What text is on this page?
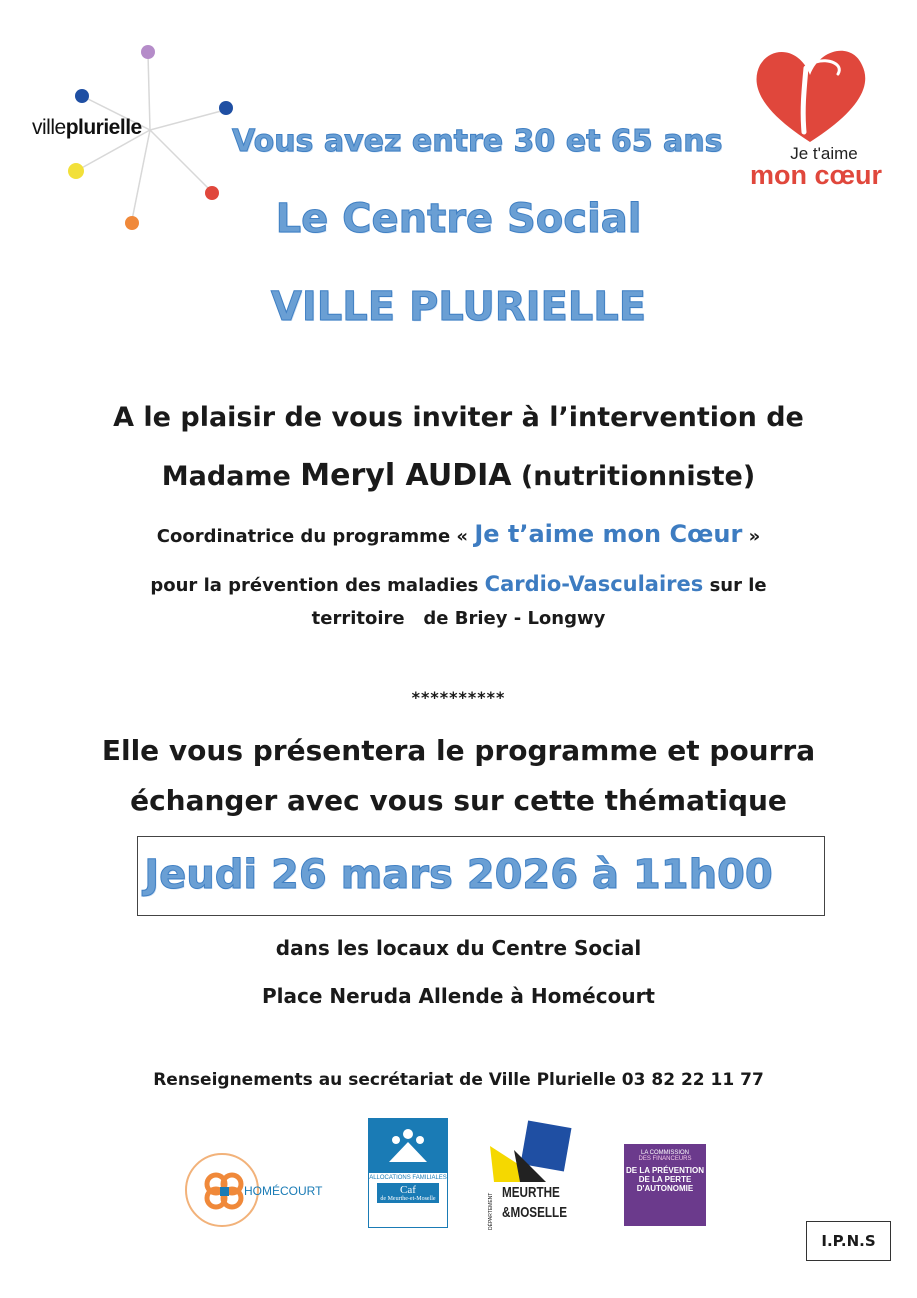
villeplurielle
Je t'aime
mon cœur
Vous avez entre 30 et 65 ans
Le Centre Social
VILLE PLURIELLE
A le plaisir de vous inviter à l’intervention de
Madame Meryl AUDIA (nutritionniste)
Coordinatrice du programme « Je t’aime mon Cœur »
pour la prévention des maladies Cardio-Vasculaires sur le
territoire   de Briey - Longwy
**********
Elle vous présentera le programme et pourra
échanger avec vous sur cette thématique
Jeudi 26 mars 2026 à 11h00
dans les locaux du Centre Social
Place Neruda Allende à Homécourt
Renseignements au secrétariat de Ville Plurielle 03 82 22 11 77
HOMÉCOURT
ALLOCATIONS FAMILIALES
Caf
de Meurthe-et-Moselle	DÉPARTEMENT
MEURTHE
&MOSELLE
LA COMMISSION
DES FINANCEURS
DE LA PRÉVENTION
DE LA PERTE
D'AUTONOMIE
I.P.N.S
